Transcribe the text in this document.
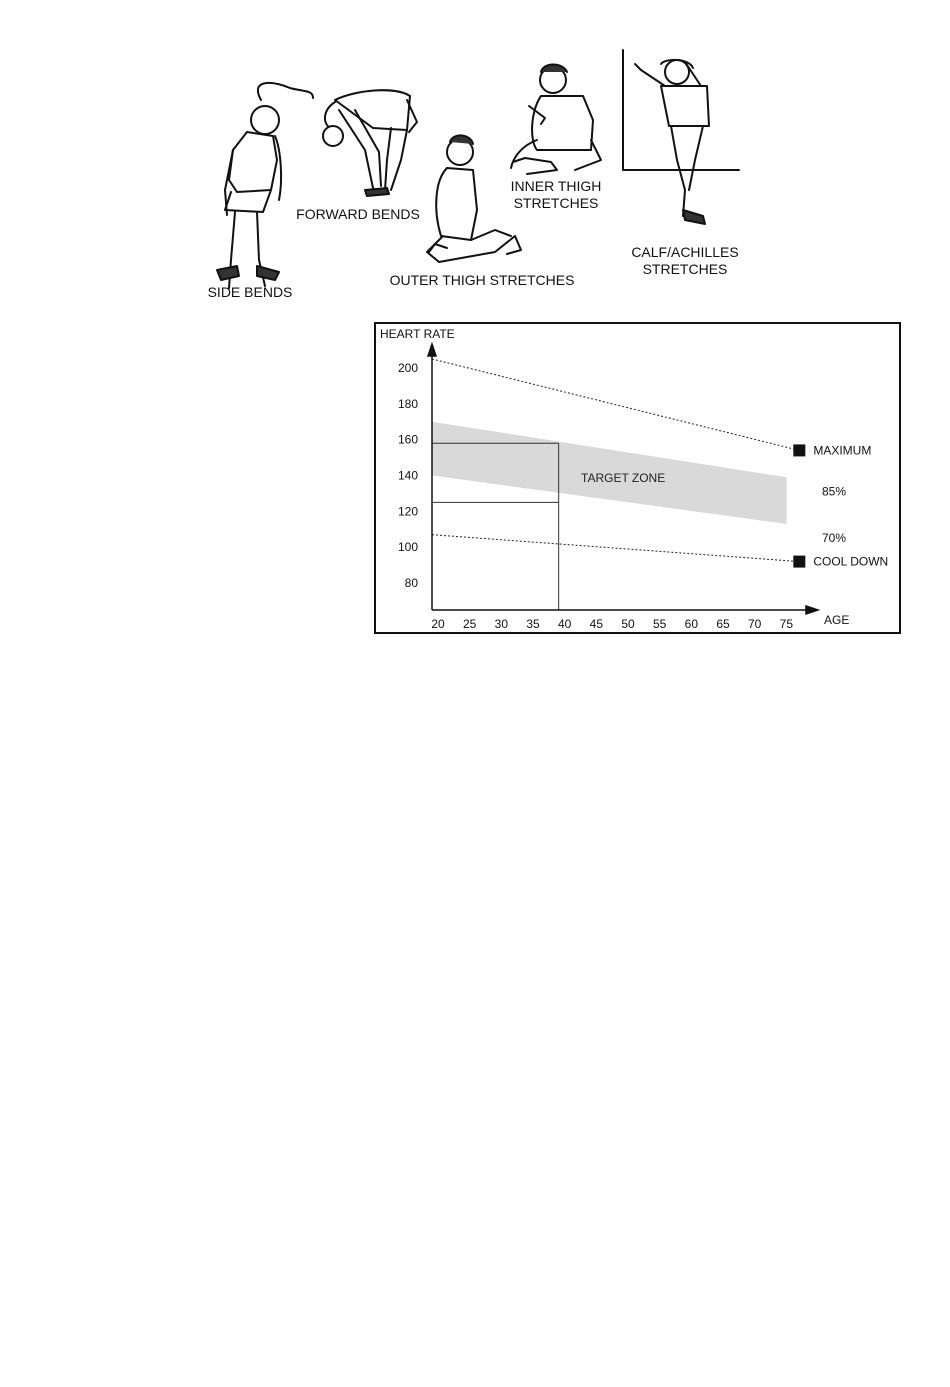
SIDE BENDS
FORWARD BENDS
OUTER THIGH STRETCHES
INNER THIGH
STRETCHES
CALF/ACHILLES
STRETCHES
200
180
160
140
120
100
80
20 25 30 35 40 45 50 55 60 65 70 75
MAXIMUM
85%
70%
COOL DOWN
HEART RATE
AGE
TARGET ZONE
